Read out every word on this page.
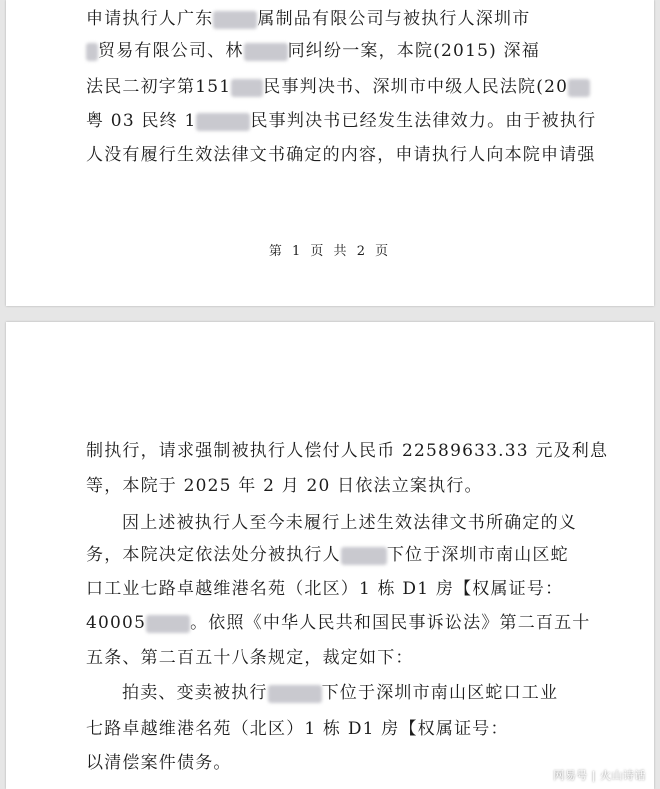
申请执行人广东	属制品有限公司与被执行人深圳市
贸易有限公司、林	同纠纷一案，本院(2015) 深福
法民二初字第151 民事判决书、深圳市中级人民法院(20
粤 03 民终 1	民事判决书已经发生法律效力。由于被执行
人没有履行生效法律文书确定的内容，申请执行人向本院申请强
第 1 页 共 2 页
制执行，请求强制被执行人偿付人民币 22589633.33 元及利息
等，本院于 2025 年 2 月 20 日依法立案执行。
因上述被执行人至今未履行上述生效法律文书所确定的义
务，本院决定依法处分被执行人	下位于深圳市南山区蛇
口工业七路卓越维港名苑（北区）1 栋 D1 房【权属证号：
40005	。依照《中华人民共和国民事诉讼法》第二百五十
五条、第二百五十八条规定，裁定如下：
拍卖、变卖被执行	下位于深圳市南山区蛇口工业
七路卓越维港名苑（北区）1 栋 D1 房【权属证号：
以清偿案件债务。
网易号 | 火山诗话
